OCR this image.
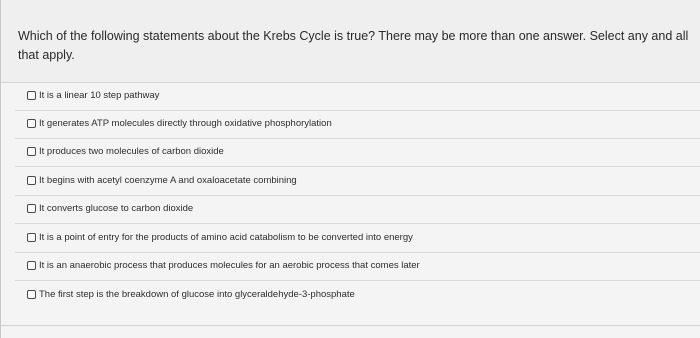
Which of the following statements about the Krebs Cycle is true? There may be more than one answer. Select any and all that apply.
It is a linear 10 step pathway
It generates ATP molecules directly through oxidative phosphorylation
It produces two molecules of carbon dioxide
It begins with acetyl coenzyme A and oxaloacetate combining
It converts glucose to carbon dioxide
It is a point of entry for the products of amino acid catabolism to be converted into energy
It is an anaerobic process that produces molecules for an aerobic process that comes later
The first step is the breakdown of glucose into glyceraldehyde-3-phosphate
